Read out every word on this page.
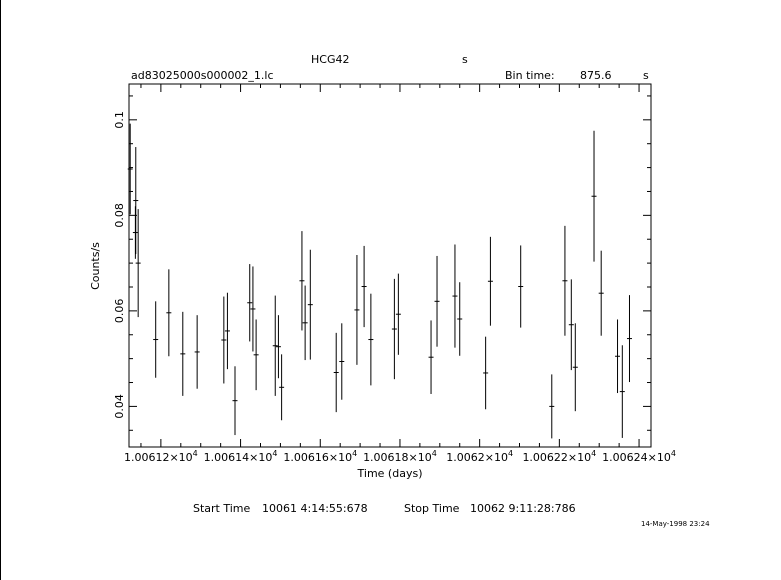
HCG42	s
ad83025000s000002_1.lc	Bin time: 875.6	s
$1.00612\times 10^4$ $1.00614\times 10^4$ $1.00616\times 10^4$ $1.00618\times 10^4$ $1.0062\times 10^4$ $1.00622\times 10^4$ $1.00624\times 10^4$
0.04
0.06
0.08
0.1
Time (days)
Counts/s
Start Time 10061 4:14:55:678	Stop Time 10062 9:11:28:786
14-May-1998 23:24
